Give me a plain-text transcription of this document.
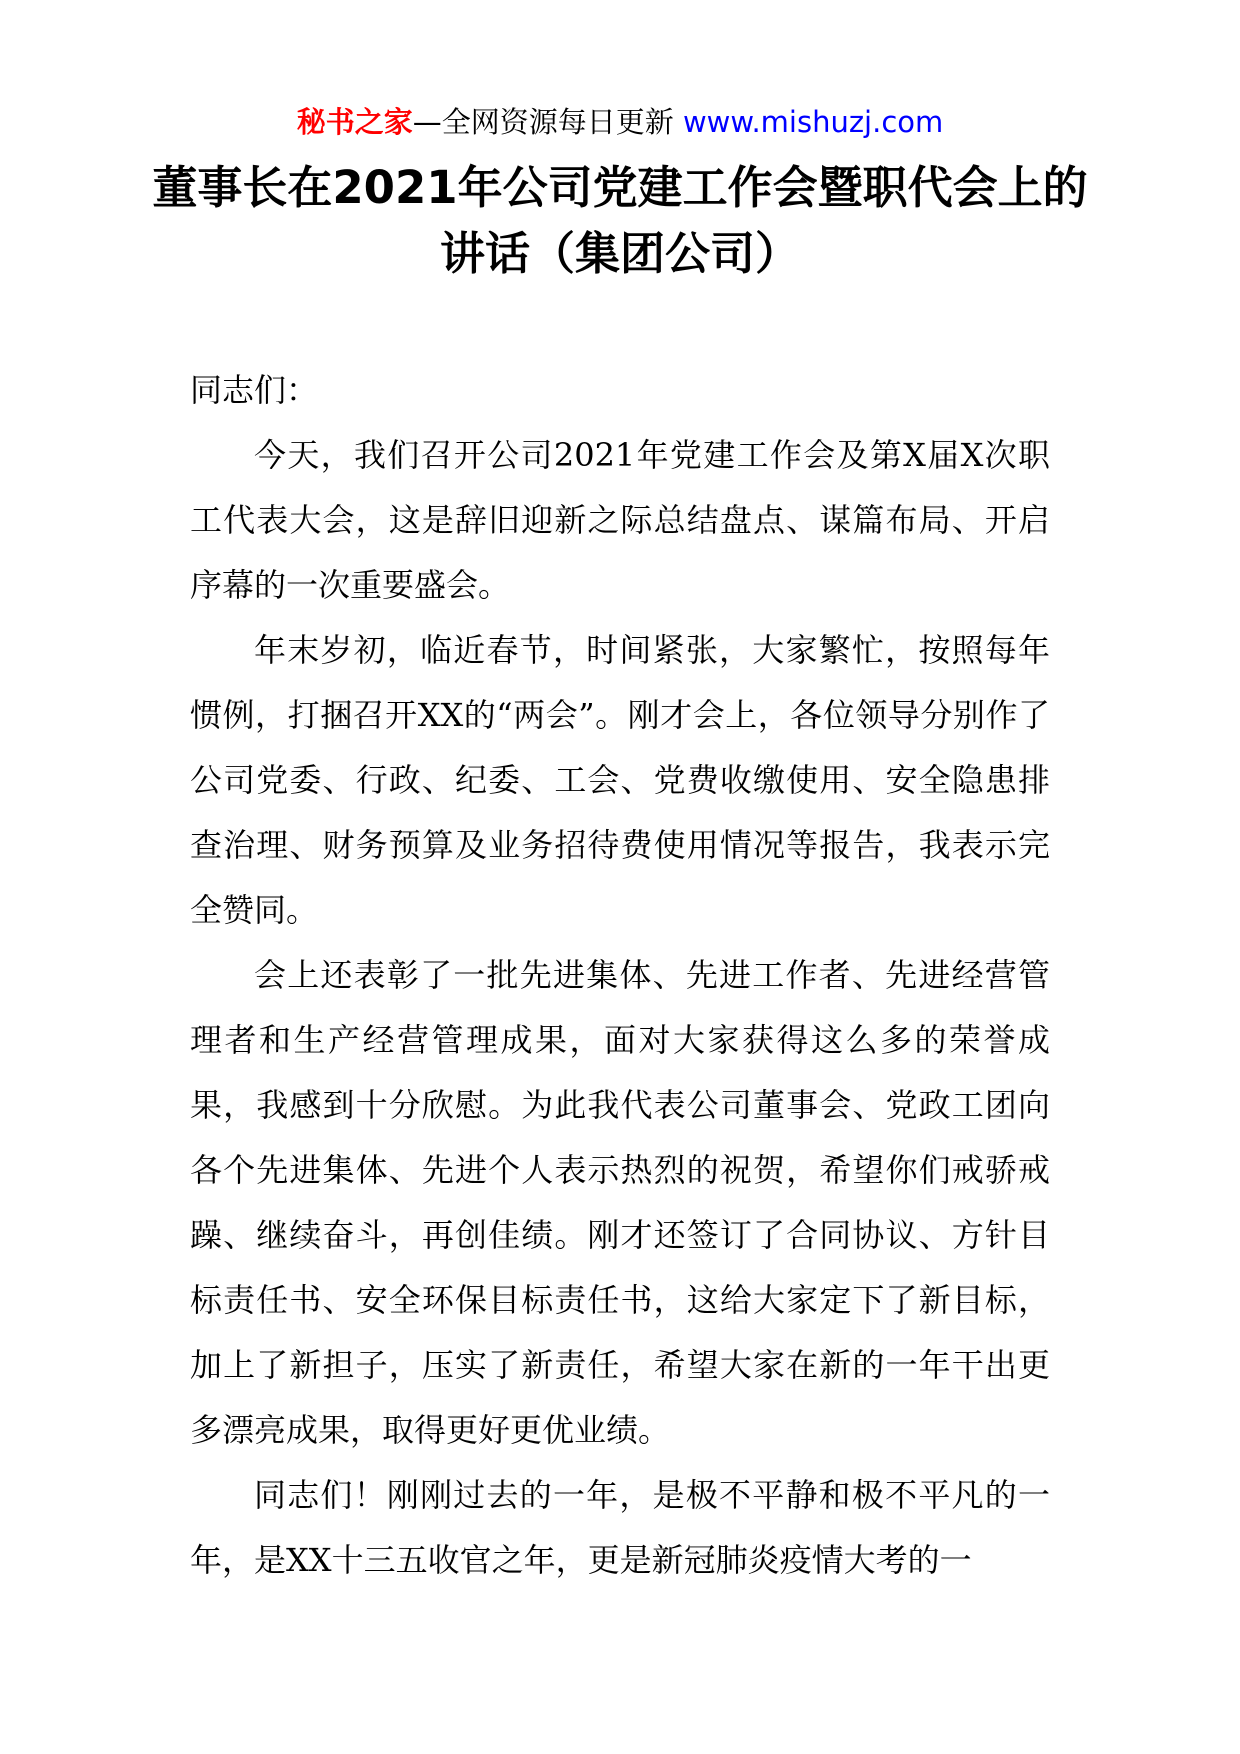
秘书之家—全网资源每日更新 www.mishuzj.com
董事长在2021年公司党建工作会暨职代会上的讲话（集团公司）

同志们：

今天，我们召开公司2021年党建工作会及第X届X次职工代表大会，这是辞旧迎新之际总结盘点、谋篇布局、开启序幕的一次重要盛会。

年末岁初，临近春节，时间紧张，大家繁忙，按照每年惯例，打捆召开XX的“两会”。刚才会上，各位领导分别作了公司党委、行政、纪委、工会、党费收缴使用、安全隐患排查治理、财务预算及业务招待费使用情况等报告，我表示完全赞同。

会上还表彰了一批先进集体、先进工作者、先进经营管理者和生产经营管理成果，面对大家获得这么多的荣誉成果，我感到十分欣慰。为此我代表公司董事会、党政工团向各个先进集体、先进个人表示热烈的祝贺，希望你们戒骄戒躁、继续奋斗，再创佳绩。刚才还签订了合同协议、方针目标责任书、安全环保目标责任书，这给大家定下了新目标，加上了新担子，压实了新责任，希望大家在新的一年干出更多漂亮成果，取得更好更优业绩。

同志们！刚刚过去的一年，是极不平静和极不平凡的一年，是XX十三五收官之年，更是新冠肺炎疫情大考的一
